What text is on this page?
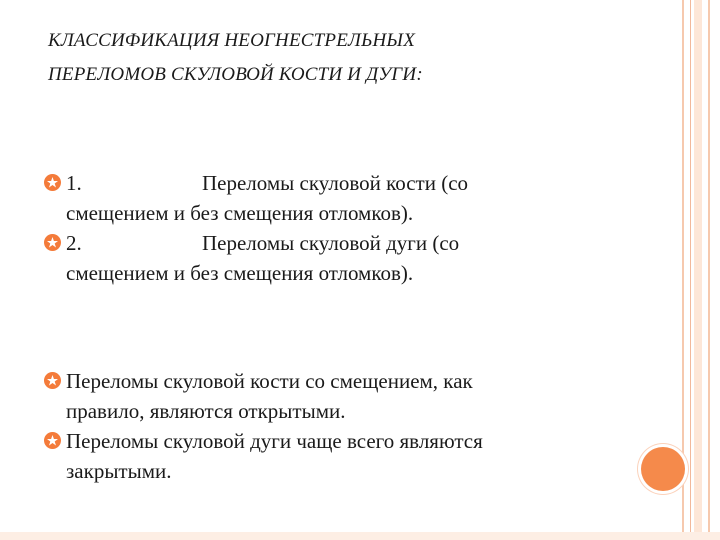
КЛАССИФИКАЦИЯ НЕОГНЕСТРЕЛЬНЫХ
ПЕРЕЛОМОВ СКУЛОВОЙ КОСТИ И ДУГИ:
1.	Переломы скуловой кости (со
смещением и без смещения отломков).
2.	Переломы скуловой дуги (со
смещением и без смещения отломков).
Переломы скуловой кости со смещением, как
правило, являются открытыми.
Переломы скуловой дуги чаще всего являются
закрытыми.
